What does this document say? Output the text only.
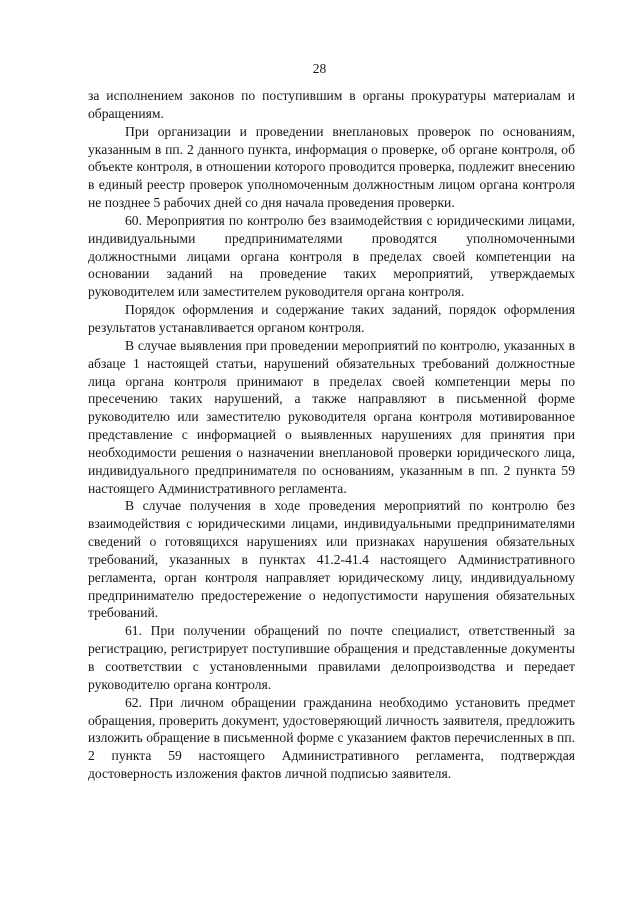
28

за исполнением законов по поступившим в органы прокуратуры материалам и обращениям.

При организации и проведении внеплановых проверок по основаниям, указанным в пп. 2 данного пункта, информация о проверке, об органе контроля, об объекте контроля, в отношении которого проводится проверка, подлежит внесению в единый реестр проверок уполномоченным должностным лицом органа контроля не позднее 5 рабочих дней со дня начала проведения проверки.

60. Мероприятия по контролю без взаимодействия с юридическими лицами, индивидуальными предпринимателями проводятся уполномоченными должностными лицами органа контроля в пределах своей компетенции на основании заданий на проведение таких мероприятий, утверждаемых руководителем или заместителем руководителя органа контроля.

Порядок оформления и содержание таких заданий, порядок оформления результатов устанавливается органом контроля.

В случае выявления при проведении мероприятий по контролю, указанных в абзаце 1 настоящей статьи, нарушений обязательных требований должностные лица органа контроля принимают в пределах своей компетенции меры по пресечению таких нарушений, а также направляют в письменной форме руководителю или заместителю руководителя органа контроля мотивированное представление с информацией о выявленных нарушениях для принятия при необходимости решения о назначении внеплановой проверки юридического лица, индивидуального предпринимателя по основаниям, указанным в пп. 2 пункта 59 настоящего Административного регламента.

В случае получения в ходе проведения мероприятий по контролю без взаимодействия с юридическими лицами, индивидуальными предпринимателями сведений о готовящихся нарушениях или признаках нарушения обязательных требований, указанных в пунктах 41.2-41.4 настоящего Административного регламента, орган контроля направляет юридическому лицу, индивидуальному предпринимателю предостережение о недопустимости нарушения обязательных требований.

61. При получении обращений по почте специалист, ответственный за регистрацию, регистрирует поступившие обращения и представленные документы в соответствии с установленными правилами делопроизводства и передает руководителю органа контроля.

62. При личном обращении гражданина необходимо установить предмет обращения, проверить документ, удостоверяющий личность заявителя, предложить изложить обращение в письменной форме с указанием фактов перечисленных в пп. 2 пункта 59 настоящего Административного регламента, подтверждая достоверность изложения фактов личной подписью заявителя.
